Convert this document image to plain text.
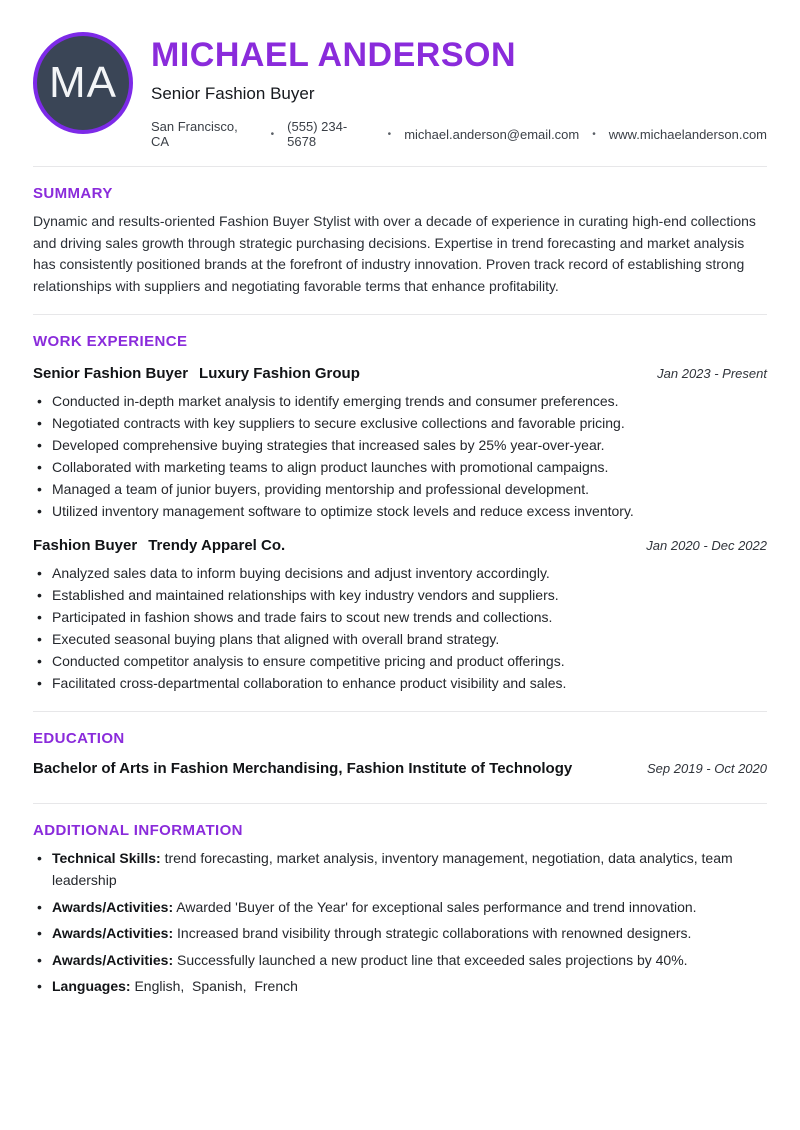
MA
MICHAEL ANDERSON
Senior Fashion Buyer
San Francisco, CA	• (555) 234-5678	• michael.anderson@email.com • www.michaelanderson.com
SUMMARY

Dynamic and results-oriented Fashion Buyer Stylist with over a decade of experience in curating high-end collections and driving sales growth through strategic purchasing decisions. Expertise in trend forecasting and market analysis has consistently positioned brands at the forefront of industry innovation. Proven track record of establishing strong relationships with suppliers and negotiating favorable terms that enhance profitability.

WORK EXPERIENCE
Senior Fashion Buyer Luxury Fashion Group	Jan 2023 - Present
• Conducted in-depth market analysis to identify emerging trends and consumer preferences.
• Negotiated contracts with key suppliers to secure exclusive collections and favorable pricing.
• Developed comprehensive buying strategies that increased sales by 25% year-over-year.
• Collaborated with marketing teams to align product launches with promotional campaigns.
• Managed a team of junior buyers, providing mentorship and professional development.
• Utilized inventory management software to optimize stock levels and reduce excess inventory.
Fashion Buyer Trendy Apparel Co.	Jan 2020 - Dec 2022
• Analyzed sales data to inform buying decisions and adjust inventory accordingly.
• Established and maintained relationships with key industry vendors and suppliers.
• Participated in fashion shows and trade fairs to scout new trends and collections.
• Executed seasonal buying plans that aligned with overall brand strategy.
• Conducted competitor analysis to ensure competitive pricing and product offerings.
• Facilitated cross-departmental collaboration to enhance product visibility and sales.
EDUCATION
Bachelor of Arts in Fashion Merchandising, Fashion Institute of Technology	Sep 2019 - Oct 2020
ADDITIONAL INFORMATION
• Technical Skills: trend forecasting, market analysis, inventory management, negotiation, data analytics, team leadership
• Awards/Activities: Awarded 'Buyer of the Year' for exceptional sales performance and trend innovation.
• Awards/Activities: Increased brand visibility through strategic collaborations with renowned designers.
• Awards/Activities: Successfully launched a new product line that exceeded sales projections by 40%.
• Languages: English,  Spanish,  French
